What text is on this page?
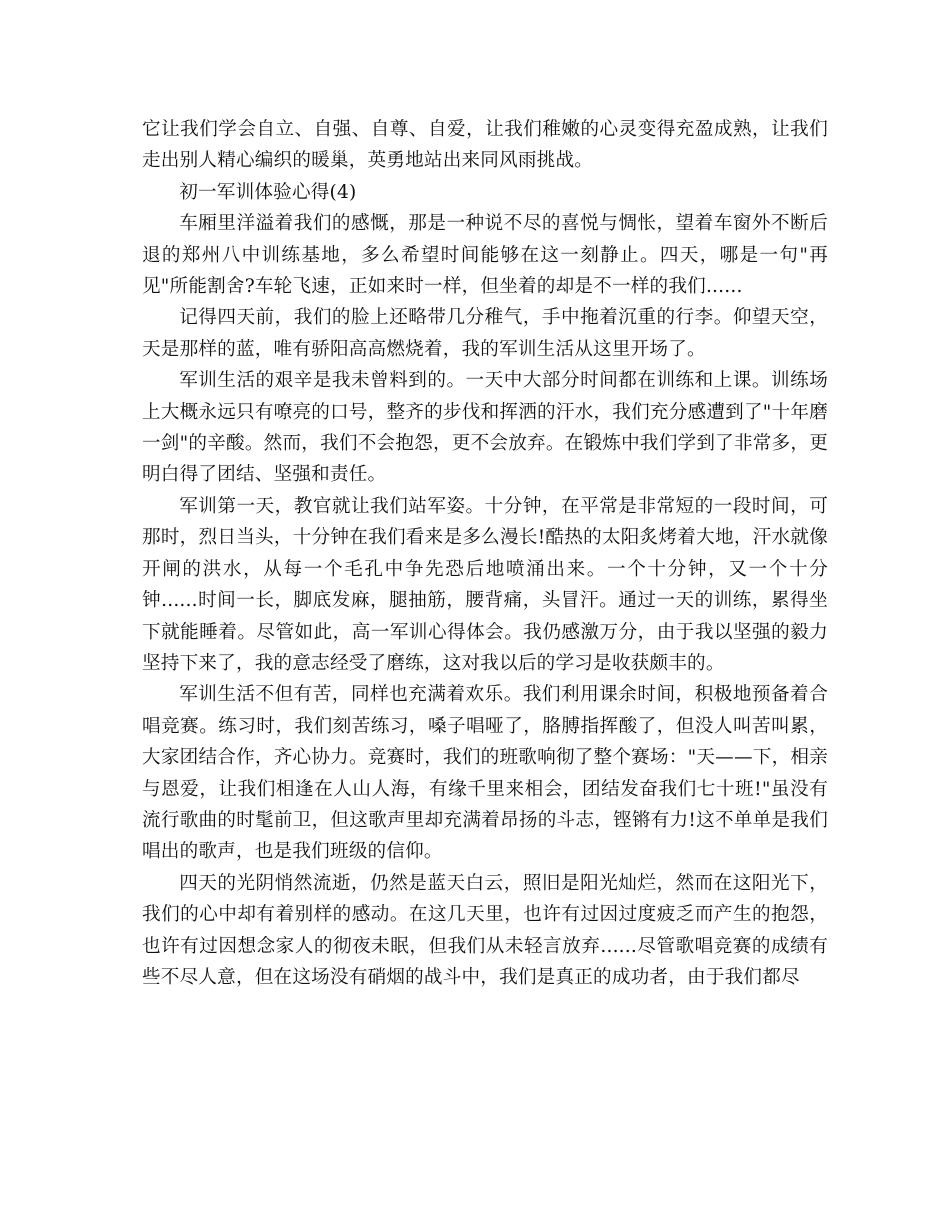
它让我们学会自立、自强、自尊、自爱，让我们稚嫩的心灵变得充盈成熟，让我们走出别人精心编织的暖巢，英勇地站出来同风雨挑战。

初一军训体验心得(4)

车厢里洋溢着我们的感慨，那是一种说不尽的喜悦与惆怅，望着车窗外不断后退的郑州八中训练基地，多么希望时间能够在这一刻静止。四天，哪是一句"再见"所能割舍?车轮飞速，正如来时一样，但坐着的却是不一样的我们......

记得四天前，我们的脸上还略带几分稚气，手中拖着沉重的行李。仰望天空，天是那样的蓝，唯有骄阳高高燃烧着，我的军训生活从这里开场了。

军训生活的艰辛是我未曾料到的。一天中大部分时间都在训练和上课。训练场上大概永远只有嘹亮的口号，整齐的步伐和挥洒的汗水，我们充分感遭到了"十年磨一剑"的辛酸。然而，我们不会抱怨，更不会放弃。在锻炼中我们学到了非常多，更明白得了团结、坚强和责任。

军训第一天，教官就让我们站军姿。十分钟，在平常是非常短的一段时间，可那时，烈日当头，十分钟在我们看来是多么漫长!酷热的太阳炙烤着大地，汗水就像开闸的洪水，从每一个毛孔中争先恐后地喷涌出来。一个十分钟，又一个十分钟......时间一长，脚底发麻，腿抽筋，腰背痛，头冒汗。通过一天的训练，累得坐下就能睡着。尽管如此，高一军训心得体会。我仍感激万分，由于我以坚强的毅力坚持下来了，我的意志经受了磨练，这对我以后的学习是收获颇丰的。

军训生活不但有苦，同样也充满着欢乐。我们利用课余时间，积极地预备着合唱竞赛。练习时，我们刻苦练习，嗓子唱哑了，胳膊指挥酸了，但没人叫苦叫累，大家团结合作，齐心协力。竞赛时，我们的班歌响彻了整个赛场："天——下，相亲与恩爱，让我们相逢在人山人海，有缘千里来相会，团结发奋我们七十班!"虽没有流行歌曲的时髦前卫，但这歌声里却充满着昂扬的斗志，铿锵有力!这不单单是我们唱出的歌声，也是我们班级的信仰。

四天的光阴悄然流逝，仍然是蓝天白云，照旧是阳光灿烂，然而在这阳光下，我们的心中却有着别样的感动。在这几天里，也许有过因过度疲乏而产生的抱怨，也许有过因想念家人的彻夜未眠，但我们从未轻言放弃......尽管歌唱竞赛的成绩有些不尽人意，但在这场没有硝烟的战斗中，我们是真正的成功者，由于我们都尽
